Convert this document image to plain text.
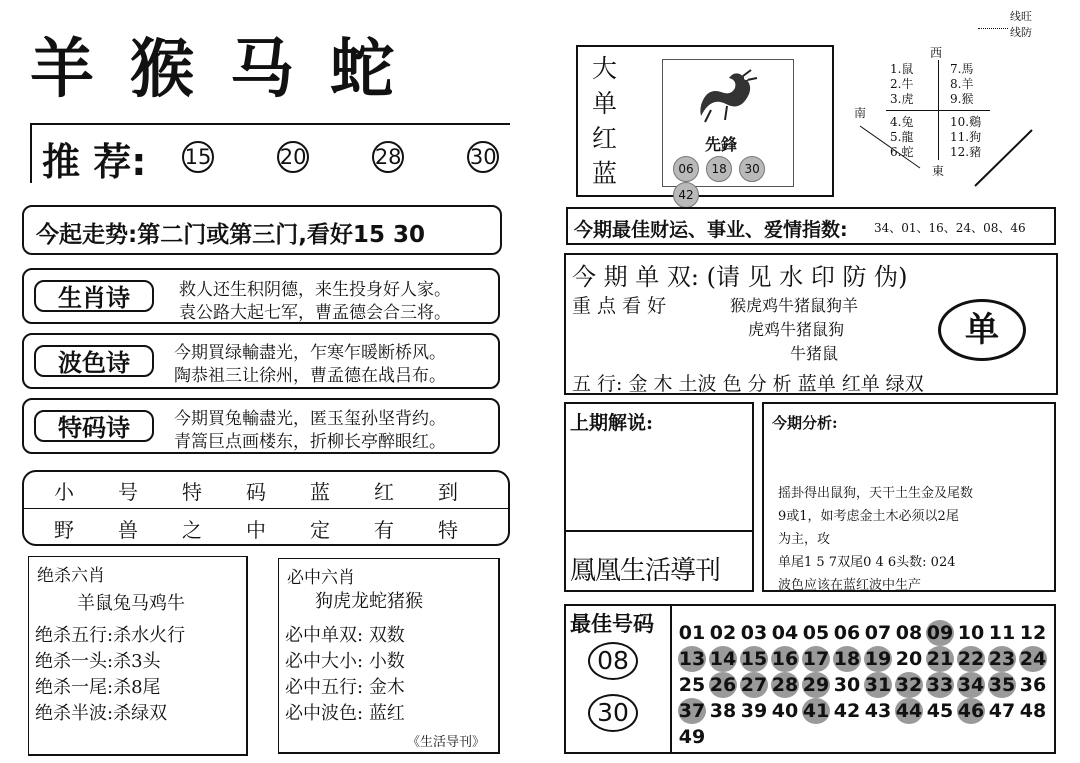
羊猴马蛇
推 荐: 15	20	28	30
今起走势:第二门或第三门,看好15 30
生肖诗	救人还生积阴德，来生投身好人家。
袁公路大起七军，曹孟德会合三将。
波色诗	今期買绿輸盡光，乍寒乍暖断桥风。
陶恭祖三让徐州，曹孟德在战吕布。
特码诗	今期買兔輸盡光，匿玉玺孙坚背约。
青篙巨点画楼东，折柳长亭醉眼红。
小 号 特 码 蓝 红 到
野 兽 之 中 定 有 特
绝杀六肖
羊鼠兔马鸡牛
绝杀五行:杀水火行
绝杀一头:杀3头
绝杀一尾:杀8尾
绝杀半波:杀绿双
必中六肖
狗虎龙蛇猪猴
必中单双: 双数
必中大小: 小数
必中五行: 金木
必中波色: 蓝红
《生活导刊》
大
单
红
蓝
先鋒
06 18 30 42
线旺
线防
西
南
東
1.鼠
2.牛
3.虎
4.兔
5.龍
6.蛇
7.馬
8.羊
9.猴
10.鷄
11.狗
12.豬
今期最佳财运、事业、爱情指数: 34、01、16、24、08、46
今 期 单 双: (请 见 水 印 防 伪)
重 点 看 好	猴虎鸡牛猪鼠狗羊
虎鸡牛猪鼠狗
牛猪鼠
单
五 行: 金 木 土波 色 分 析 蓝单 红单 绿双
上期解说:
鳳凰生活導刊
今期分析:
摇卦得出鼠狗，天干土生金及尾数
9或1，如考虑金土木必须以2尾
为主，攻
单尾1 5 7双尾0 4 6头数: 024
波色应该在蓝红波中生产
最佳号码
08
30
01 02 03 04 05 06 07 08 09 10 11 12
13 14 15 16 17 18 19 20 21 22 23 24
25 26 27 28 29 30 31 32 33 34 35 36
37 38 39 40 41 42 43 44 45 46 47 48
49
